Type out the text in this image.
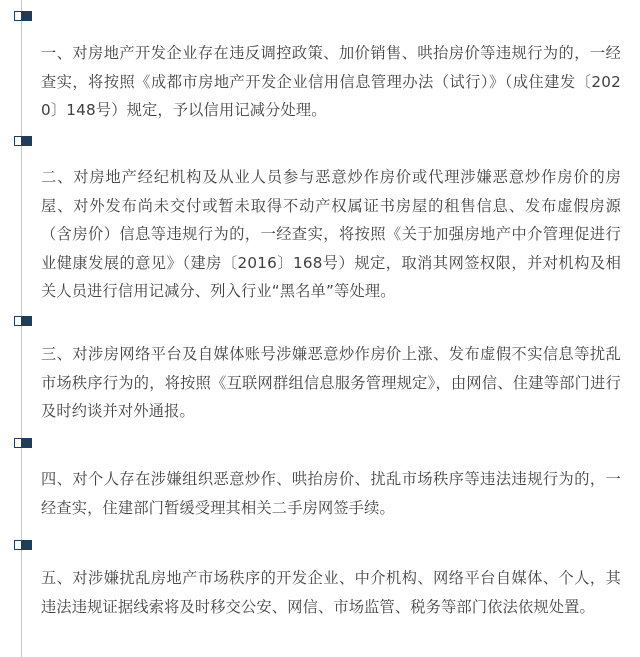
一、对房地产开发企业存在违反调控政策、加价销售、哄抬房价等违规行为的，一经查实，将按照《成都市房地产开发企业信用信息管理办法（试行）》（成住建发〔2020〕148号）规定，予以信用记减分处理。

二、对房地产经纪机构及从业人员参与恶意炒作房价或代理涉嫌恶意炒作房价的房屋、对外发布尚未交付或暂未取得不动产权属证书房屋的租售信息、发布虚假房源（含房价）信息等违规行为的，一经查实，将按照《关于加强房地产中介管理促进行业健康发展的意见》（建房〔2016〕168号）规定，取消其网签权限，并对机构及相关人员进行信用记减分、列入行业“黑名单”等处理。

三、对涉房网络平台及自媒体账号涉嫌恶意炒作房价上涨、发布虚假不实信息等扰乱市场秩序行为的，将按照《互联网群组信息服务管理规定》，由网信、住建等部门进行及时约谈并对外通报。

四、对个人存在涉嫌组织恶意炒作、哄抬房价、扰乱市场秩序等违法违规行为的，一经查实，住建部门暂缓受理其相关二手房网签手续。

五、对涉嫌扰乱房地产市场秩序的开发企业、中介机构、网络平台自媒体、个人，其违法违规证据线索将及时移交公安、网信、市场监管、税务等部门依法依规处置。
